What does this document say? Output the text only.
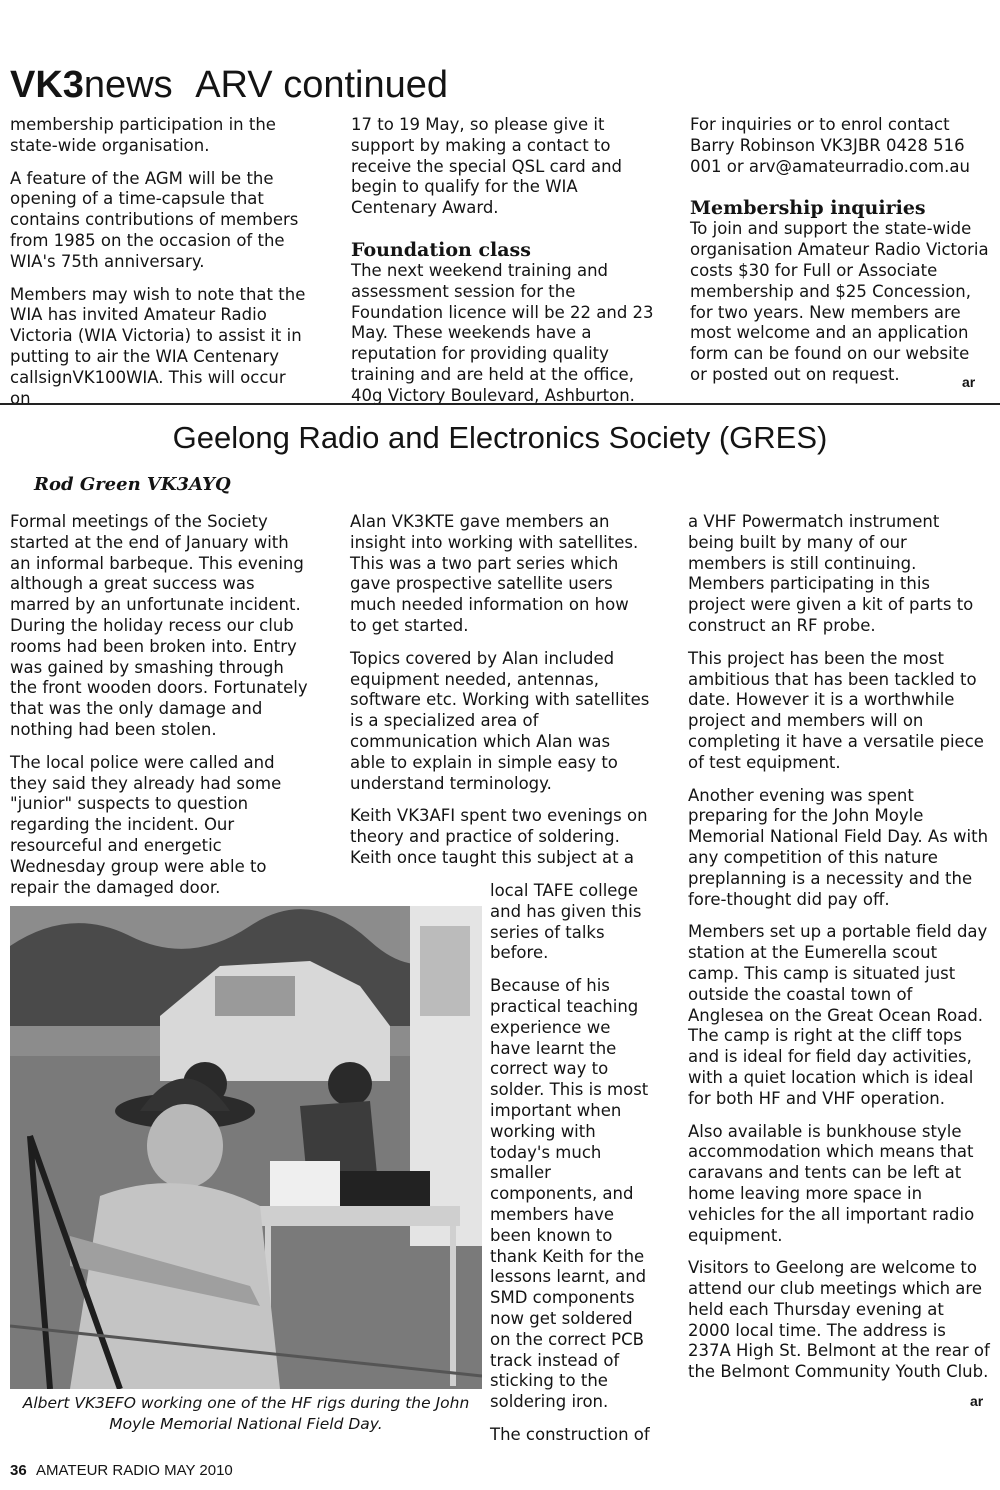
VK3news ARV continued

membership participation in the state-wide organisation.

A feature of the AGM will be the opening of a time-capsule that contains contributions of members from 1985 on the occasion of the WIA's 75th anniversary.

Members may wish to note that the WIA has invited Amateur Radio Victoria (WIA Victoria) to assist it in putting to air the WIA Centenary callsignVK100WIA. This will occur on

17 to 19 May, so please give it support by making a contact to receive the special QSL card and begin to qualify for the WIA Centenary Award.

Foundation class

The next weekend training and assessment session for the Foundation licence will be 22 and 23 May. These weekends have a reputation for providing quality training and are held at the office, 40g Victory Boulevard, Ashburton.

For inquiries or to enrol contact Barry Robinson VK3JBR 0428 516 001 or arv@amateurradio.com.au

Membership inquiries

To join and support the state-wide organisation Amateur Radio Victoria costs $30 for Full or Associate membership and $25 Concession, for two years. New members are most welcome and an application form can be found on our website or posted out on request.	ar
Geelong Radio and Electronics Society (GRES)
Rod Green VK3AYQ

Formal meetings of the Society started at the end of January with an informal barbeque. This evening although a great success was marred by an unfortunate incident. During the holiday recess our club rooms had been broken into. Entry was gained by smashing through the front wooden doors. Fortunately that was the only damage and nothing had been stolen.

The local police were called and they said they already had some "junior" suspects to question regarding the incident. Our resourceful and energetic Wednesday group were able to repair the damaged door.

Alan VK3KTE gave members an insight into working with satellites. This was a two part series which gave prospective satellite users much needed information on how to get started.

Topics covered by Alan included equipment needed, antennas, software etc. Working with satellites is a specialized area of communication which Alan was able to explain in simple easy to understand terminology.

Keith VK3AFI spent two evenings on theory and practice of soldering. Keith once taught this subject at a

local TAFE college and has given this series of talks before.

Because of his practical teaching experience we have learnt the correct way to solder. This is most important when working with today's much smaller components, and members have been known to thank Keith for the lessons learnt, and SMD components now get soldered on the correct PCB track instead of sticking to the soldering iron.

The construction of

a VHF Powermatch instrument being built by many of our members is still continuing. Members participating in this project were given a kit of parts to construct an RF probe.

This project has been the most ambitious that has been tackled to date. However it is a worthwhile project and members will on completing it have a versatile piece of test equipment.

Another evening was spent preparing for the John Moyle Memorial National Field Day. As with any competition of this nature preplanning is a necessity and the fore-thought did pay off.

Members set up a portable field day station at the Eumerella scout camp. This camp is situated just outside the coastal town of Anglesea on the Great Ocean Road. The camp is right at the cliff tops and is ideal for field day activities, with a quiet location which is ideal for both HF and VHF operation.

Also available is bunkhouse style accommodation which means that caravans and tents can be left at home leaving more space in vehicles for the all important radio equipment.

Visitors to Geelong are welcome to attend our club meetings which are held each Thursday evening at 2000 local time. The address is 237A High St. Belmont at the rear of the Belmont Community Youth Club.

ar
Albert VK3EFO working one of the HF rigs during the John Moyle Memorial National Field Day.
36 AMATEUR RADIO MAY 2010
